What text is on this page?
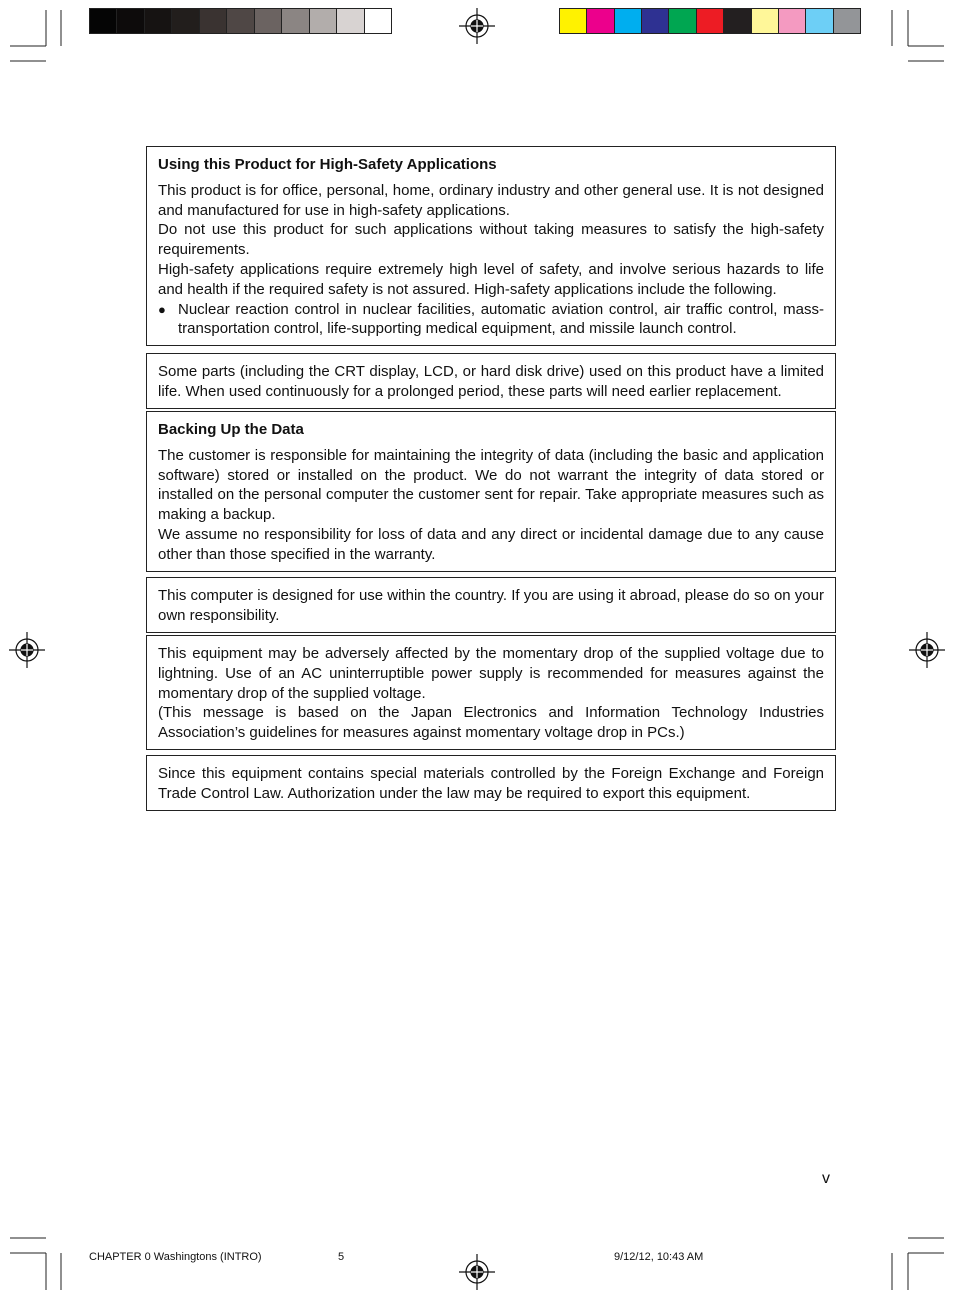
Using this Product for High-Safety Applications

This product is for office, personal, home, ordinary industry and other general use. It is not designed and manufactured for use in high-safety applications.

Do not use this product for such applications without taking measures to satisfy the high-safety requirements.

High-safety applications require extremely high level of safety, and involve serious hazards to life and health if the required safety is not assured. High-safety applications include the following.

● Nuclear reaction control in nuclear facilities, automatic aviation control, air traffic control, mass-transportation control, life-supporting medical equipment, and missile launch control.

Some parts (including the CRT display, LCD, or hard disk drive) used on this product have a limited life. When used continuously for a prolonged period, these parts will need earlier replacement.

Backing Up the Data

The customer is responsible for maintaining the integrity of data (including the basic and application software) stored or installed on the product. We do not warrant the integrity of data stored or installed on the personal computer the customer sent for repair. Take appropriate measures such as making a backup.

We assume no responsibility for loss of data and any direct or incidental damage due to any cause other than those specified in the warranty.

This computer is designed for use within the country. If you are using it abroad, please do so on your own responsibility.

This equipment may be adversely affected by the momentary drop of the supplied voltage due to lightning. Use of an AC uninterruptible power supply is recommended for measures against the momentary drop of the supplied voltage.

(This message is based on the Japan Electronics and Information Technology Industries Association’s guidelines for measures against momentary voltage drop in PCs.)

Since this equipment contains special materials controlled by the Foreign Exchange and Foreign Trade Control Law. Authorization under the law may be required to export this equipment.

v
CHAPTER 0 Washingtons (INTRO)	5	9/12/12, 10:43 AM
